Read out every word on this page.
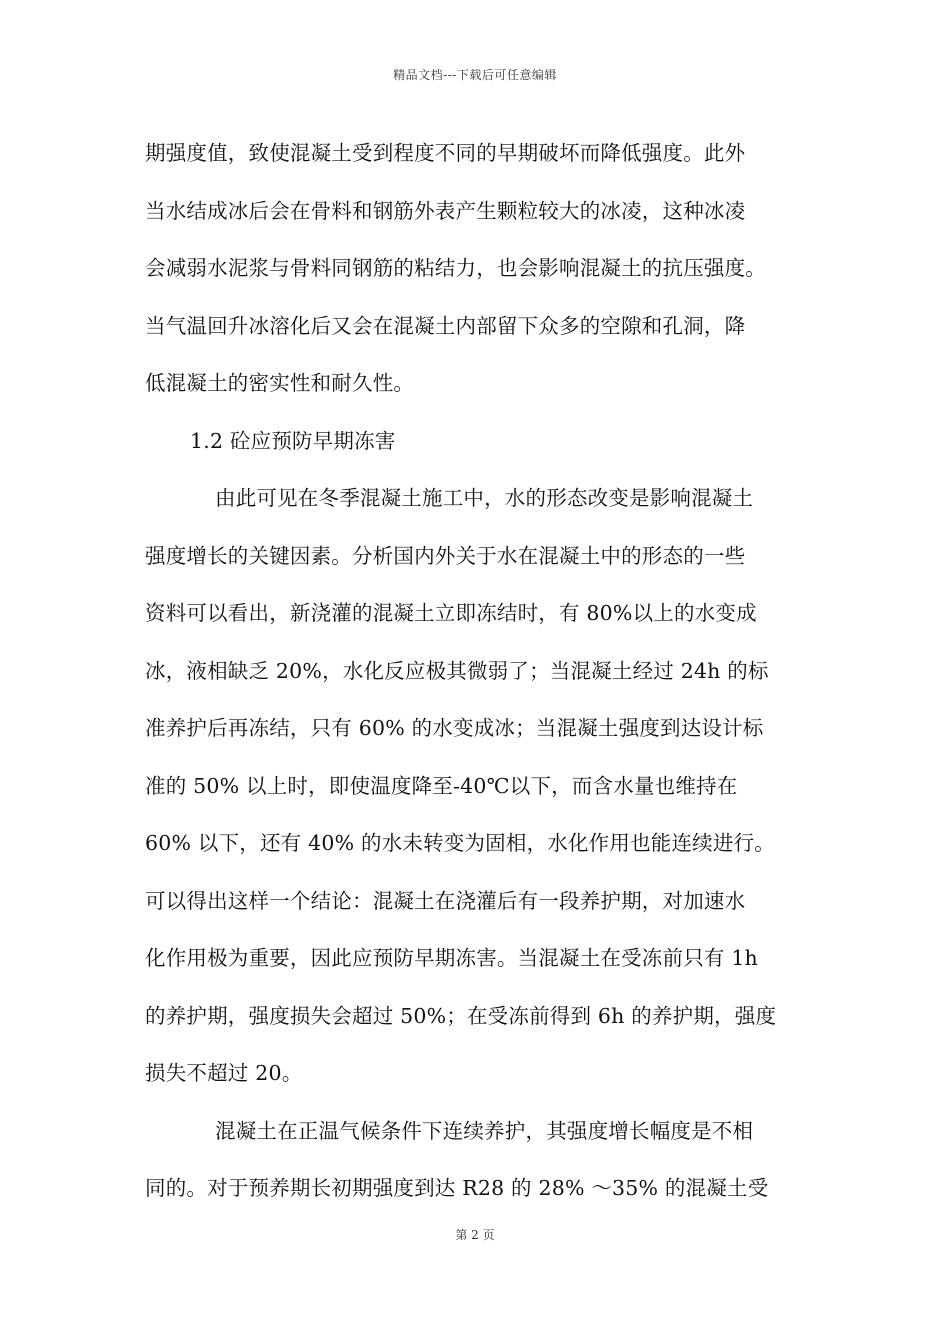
精品文档---下载后可任意编辑
期强度值，致使混凝土受到程度不同的早期破坏而降低强度。此外
当水结成冰后会在骨料和钢筋外表产生颗粒较大的冰凌，这种冰凌
会减弱水泥浆与骨料同钢筋的粘结力，也会影响混凝土的抗压强度。
当气温回升冰溶化后又会在混凝土内部留下众多的空隙和孔洞，降
低混凝土的密实性和耐久性。
1.2 砼应预防早期冻害
由此可见在冬季混凝土施工中，水的形态改变是影响混凝土
强度增长的关键因素。分析国内外关于水在混凝土中的形态的一些
资料可以看出，新浇灌的混凝土立即冻结时，有 80%以上的水变成
冰，液相缺乏 20%，水化反应极其微弱了；当混凝土经过 24h 的标
准养护后再冻结，只有 60% 的水变成冰；当混凝土强度到达设计标
准的 50% 以上时，即使温度降至-40℃以下，而含水量也维持在
60% 以下，还有 40% 的水未转变为固相，水化作用也能连续进行。
可以得出这样一个结论：混凝土在浇灌后有一段养护期，对加速水
化作用极为重要，因此应预防早期冻害。当混凝土在受冻前只有 1h
的养护期，强度损失会超过 50%；在受冻前得到 6h 的养护期，强度
损失不超过 20。
混凝土在正温气候条件下连续养护，其强度增长幅度是不相
同的。对于预养期长初期强度到达 R28 的 28% ～35% 的混凝土受
第 2 页
